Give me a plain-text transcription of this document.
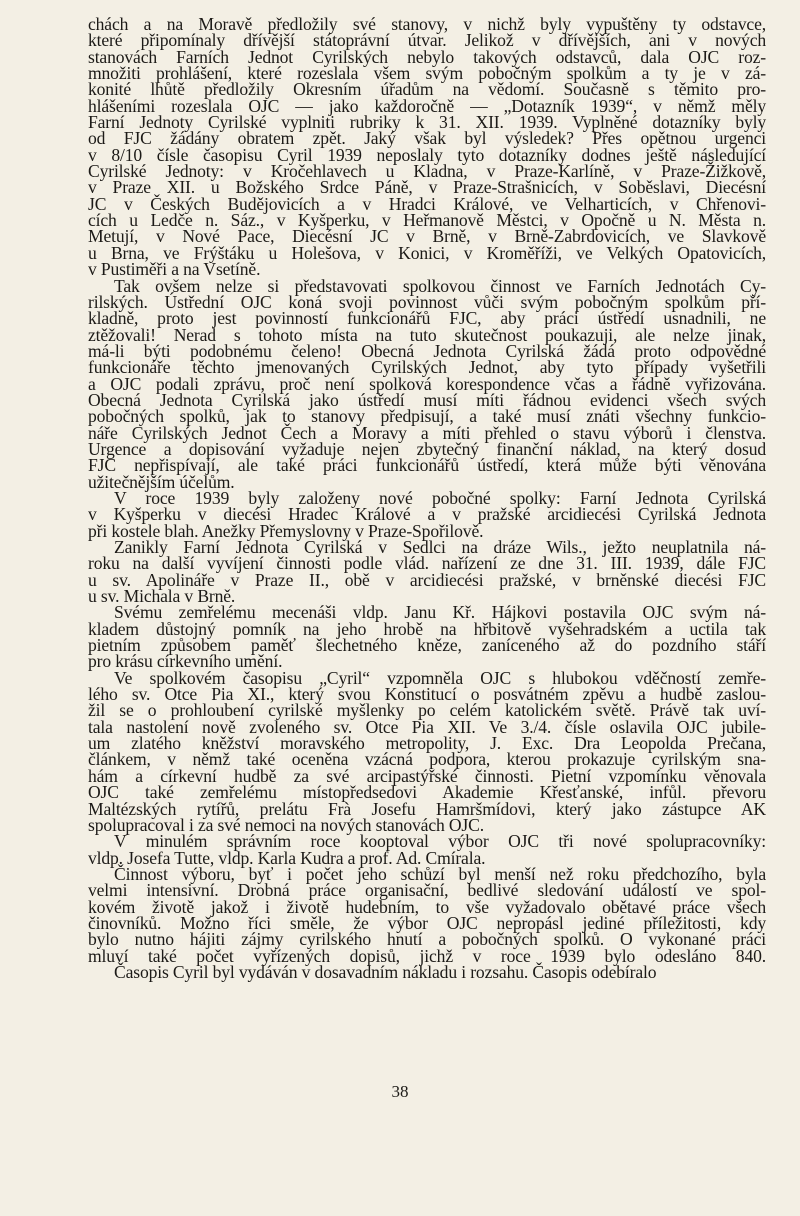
chách a na Moravě předložily své stanovy, v nichž byly vypuštěny ty odstavce,
které připomínaly dřívější státoprávní útvar. Jelikož v dřívějších, ani v nových
stanovách Farních Jednot Cyrilských nebylo takových odstavců, dala OJC roz-
množiti prohlášení, které rozeslala všem svým pobočným spolkům a ty je v zá-
konité lhůtě předložily Okresním úřadům na vědomí. Současně s těmito pro-
hlášeními rozeslala OJC — jako každoročně — „Dotazník 1939“, v němž měly
Farní Jednoty Cyrilské vyplniti rubriky k 31. XII. 1939. Vyplněné dotazníky byly
od FJC žádány obratem zpět. Jaký však byl výsledek? Přes opětnou urgenci
v 8/10 čísle časopisu Cyril 1939 neposlaly tyto dotazníky dodnes ještě následující
Cyrilské Jednoty: v Kročehlavech u Kladna, v Praze-Karlíně, v Praze-Žižkově,
v Praze XII. u Božského Srdce Páně, v Praze-Strašnicích, v Soběslavi, Diecésní
JC v Českých Budějovicích a v Hradci Králové, ve Velharticích, v Chřenovi-
cích u Ledče n. Sáz., v Kyšperku, v Heřmanově Městci, v Opočně u N. Města n.
Metují, v Nové Pace, Diecésní JC v Brně, v Brně-Zabrdovicích, ve Slavkově
u Brna, ve Frýštáku u Holešova, v Konici, v Kroměříži, ve Velkých Opatovicích,
v Pustiměři a na Vsetíně.
Tak ovšem nelze si představovati spolkovou činnost ve Farních Jednotách Cy-
rilských. Ústřední OJC koná svoji povinnost vůči svým pobočným spolkům pří-
kladně, proto jest povinností funkcionářů FJC, aby práci ústředí usnadnili, ne
ztěžovali! Nerad s tohoto místa na tuto skutečnost poukazuji, ale nelze jinak,
má-li býti podobnému čeleno! Obecná Jednota Cyrilská žádá proto odpovědné
funkcionáře těchto jmenovaných Cyrilských Jednot, aby tyto případy vyšetřili
a OJC podali zprávu, proč není spolková korespondence včas a řádně vyřizována.
Obecná Jednota Cyrilská jako ústředí musí míti řádnou evidenci všech svých
pobočných spolků, jak to stanovy předpisují, a také musí znáti všechny funkcio-
náře Cyrilských Jednot Čech a Moravy a míti přehled o stavu výborů i členstva.
Urgence a dopisování vyžaduje nejen zbytečný finanční náklad, na který dosud
FJC nepřispívají, ale také práci funkcionářů ústředí, která může býti věnována
užitečnějším účelům.
V roce 1939 byly založeny nové pobočné spolky: Farní Jednota Cyrilská
v Kyšperku v diecési Hradec Králové a v pražské arcidiecési Cyrilská Jednota
při kostele blah. Anežky Přemyslovny v Praze-Spořilově.
Zanikly Farní Jednota Cyrilská v Sedlci na dráze Wils., ježto neuplatnila ná-
roku na další vyvíjení činnosti podle vlád. nařízení ze dne 31. III. 1939, dále FJC
u sv. Apolináře v Praze II., obě v arcidiecési pražské, v brněnské diecési FJC
u sv. Michala v Brně.
Svému zemřelému mecenáši vldp. Janu Kř. Hájkovi postavila OJC svým ná-
kladem důstojný pomník na jeho hrobě na hřbitově vyšehradském a uctila tak
pietním způsobem paměť šlechetného kněze, zaníceného až do pozdního stáří
pro krásu církevního umění.
Ve spolkovém časopisu „Cyril“ vzpomněla OJC s hlubokou vděčností zemře-
lého sv. Otce Pia XI., který svou Konstitucí o posvátném zpěvu a hudbě zaslou-
žil se o prohloubení cyrilské myšlenky po celém katolickém světě. Právě tak uví-
tala nastolení nově zvoleného sv. Otce Pia XII. Ve 3./4. čísle oslavila OJC jubile-
um zlatého kněžství moravského metropolity, J. Exc. Dra Leopolda Prečana,
článkem, v němž také oceněna vzácná podpora, kterou prokazuje cyrilským sna-
hám a církevní hudbě za své arcipastýřské činnosti. Pietní vzpomínku věnovala
OJC také zemřelému místopředsedovi Akademie Křesťanské, infůl. převoru
Maltézských rytířů, prelátu Frà Josefu Hamršmídovi, který jako zástupce AK
spolupracoval i za své nemoci na nových stanovách OJC.
V minulém správním roce kooptoval výbor OJC tři nové spolupracovníky:
vldp. Josefa Tutte, vldp. Karla Kudra a prof. Ad. Cmírala.
Činnost výboru, byť i počet jeho schůzí byl menší než roku předchozího, byla
velmi intensivní. Drobná práce organisační, bedlivé sledování událostí ve spol-
kovém životě jakož i životě hudebním, to vše vyžadovalo obětavé práce všech
činovníků. Možno říci směle, že výbor OJC nepropásl jediné příležitosti, kdy
bylo nutno hájiti zájmy cyrilského hnutí a pobočných spolků. O vykonané práci
mluví také počet vyřízených dopisů, jichž v roce 1939 bylo odesláno 840.
Časopis Cyril byl vydáván v dosavadním nákladu i rozsahu. Časopis odebíralo
38
